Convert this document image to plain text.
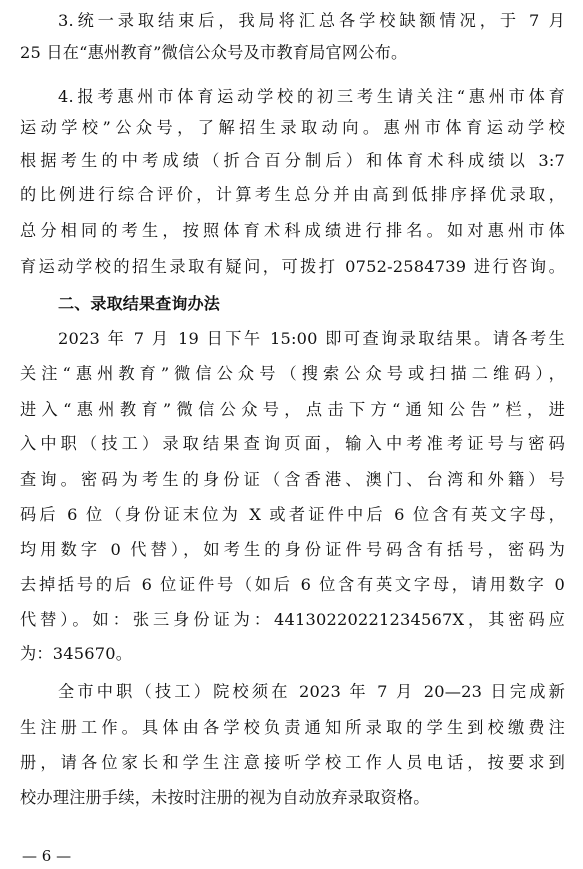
3.统一录取结束后，我局将汇总各学校缺额情况，于 7 月
25 日在“惠州教育”微信公众号及市教育局官网公布。
4.报考惠州市体育运动学校的初三考生请关注“惠州市体育
运动学校”公众号，了解招生录取动向。惠州市体育运动学校
根据考生的中考成绩（折合百分制后）和体育术科成绩以 3:7
的比例进行综合评价，计算考生总分并由高到低排序择优录取，
总分相同的考生，按照体育术科成绩进行排名。如对惠州市体
育运动学校的招生录取有疑问，可拨打 0752-2584739 进行咨询。
二、录取结果查询办法
2023 年 7 月 19 日下午 15:00 即可查询录取结果。请各考生
关注“惠州教育”微信公众号（搜索公众号或扫描二维码），
进入“惠州教育”微信公众号，点击下方“通知公告”栏，进
入中职（技工）录取结果查询页面，输入中考准考证号与密码
查询。密码为考生的身份证（含香港、澳门、台湾和外籍）号
码后 6 位（身份证末位为 X 或者证件中后 6 位含有英文字母，
均用数字 0 代替），如考生的身份证件号码含有括号，密码为
去掉括号的后 6 位证件号（如后 6 位含有英文字母，请用数字 0
代替）。如：张三身份证为：44130220221234567X，其密码应
为：345670。
全市中职（技工）院校须在 2023 年 7 月 20—23 日完成新
生注册工作。具体由各学校负责通知所录取的学生到校缴费注
册，请各位家长和学生注意接听学校工作人员电话，按要求到
校办理注册手续，未按时注册的视为自动放弃录取资格。
— 6 —
